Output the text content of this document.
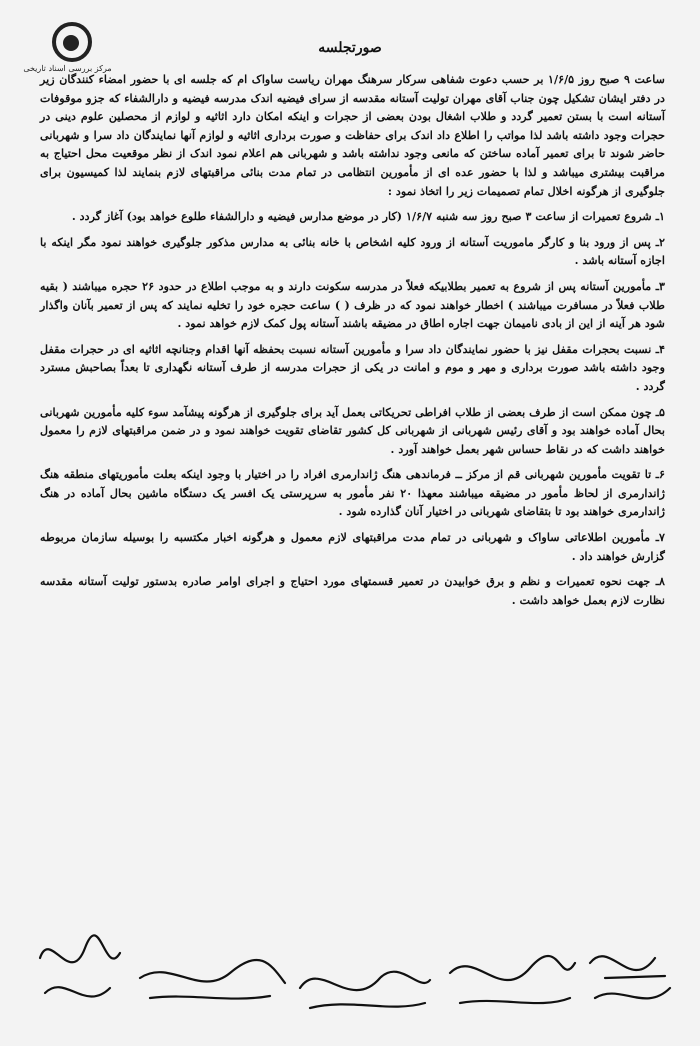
مرکز بررسی اسناد تاریخی
صورتجلسه

ساعت ۹ صبح روز ۱/۶/۵ بر حسب دعوت شفاهی سرکار سرهنگ مهران ریاست ساواک ام که جلسه ای با حضور امضاء کنندگان زیر در دفتر ایشان تشکیل چون جناب آقای مهران تولیت آستانه مقدسه از سرای فیضیه اندک مدرسه فیضیه و دارالشفاء که جزو موقوفات آستانه است با بستن تعمیر گردد و طلاب اشغال بودن بعضی از حجرات و اینکه امکان دارد اثاثیه و لوازم از محصلین علوم دینی در حجرات وجود داشته باشد لذا مواتب را اطلاع داد اندک برای حفاظت و صورت برداری اثاثیه و لوازم آنها نمایندگان داد سرا و شهربانی حاضر شوند تا برای تعمیر آماده ساختن که مانعی وجود نداشته باشد و شهربانی هم اعلام نمود اندک از نظر موقعیت محل احتیاج به مراقبت بیشتری میباشد و لذا با حضور عده ای از مأمورین انتظامی در تمام مدت بنائی مراقبتهای لازم بنمایند لذا کمیسیون برای جلوگیری از هرگونه اخلال تمام تصمیمات زیر را اتخاذ نمود :

۱ـ شروع تعمیرات از ساعت ۳ صبح روز سه شنبه ۱/۶/۷ (کار در موضع مدارس فیضیه و دارالشفاء طلوع خواهد بود) آغاز گردد .

۲ـ پس از ورود بنا و کارگر ماموریت آستانه از ورود کلیه اشخاص با خانه بنائی به مدارس مذکور جلوگیری خواهند نمود مگر اینکه با اجازه آستانه باشد .

۳ـ مأمورین آستانه پس از شروع به تعمیر بطلابیکه فعلاً در مدرسه سکونت دارند و به موجب اطلاع در حدود ۲۶ حجره میباشند ( بقیه طلاب فعلاً در مسافرت میباشند ) اخطار خواهند نمود که در ظرف ( ) ساعت حجره خود را تخلیه نمایند که پس از تعمیر بآنان واگذار شود هر آینه از این از بادی نامیمان جهت اجاره اطاق در مضیقه باشند آستانه پول کمک لازم خواهد نمود .

۴ـ نسبت بحجرات مقفل نیز با حضور نمایندگان داد سرا و مأمورین آستانه نسبت بحفظه آنها اقدام وجنانچه اثاثیه ای در حجرات مقفل وجود داشته باشد صورت برداری و مهر و موم و امانت در یکی از حجرات مدرسه از طرف آستانه نگهداری تا بعداً بصاحبش مسترد گردد .

۵ـ چون ممکن است از طرف بعضی از طلاب افراطی تحریکاتی بعمل آید برای جلوگیری از هرگونه پیشآمد سوء کلیه مأمورین شهربانی بحال آماده خواهند بود و آقای رئیس شهربانی از شهربانی کل کشور تقاضای تقویت خواهند نمود و در ضمن مراقبتهای لازم را معمول خواهند داشت که در نقاط حساس شهر بعمل خواهند آورد .

۶ـ تا تقویت مأمورین شهربانی قم از مرکز ــ فرماندهی هنگ ژاندارمری افراد را در اختیار با وجود اینکه بعلت مأموریتهای منطقه هنگ ژاندارمری از لحاظ مأمور در مضیقه میباشند معهذا ۲۰ نفر مأمور به سرپرستی یک افسر یک دستگاه ماشین بحال آماده در هنگ ژاندارمری خواهند بود تا بتقاضای شهربانی در اختیار آنان گذارده شود .

۷ـ مأمورین اطلاعاتی ساواک و شهربانی در تمام مدت مراقبتهای لازم معمول و هرگونه اخبار مکتسبه را بوسیله سازمان مربوطه گزارش خواهند داد .

۸ـ جهت نحوه تعمیرات و نظم و برق خوابیدن در تعمیر قسمتهای مورد احتیاج و اجرای اوامر صادره بدستور تولیت آستانه مقدسه نظارت لازم بعمل خواهد داشت .
